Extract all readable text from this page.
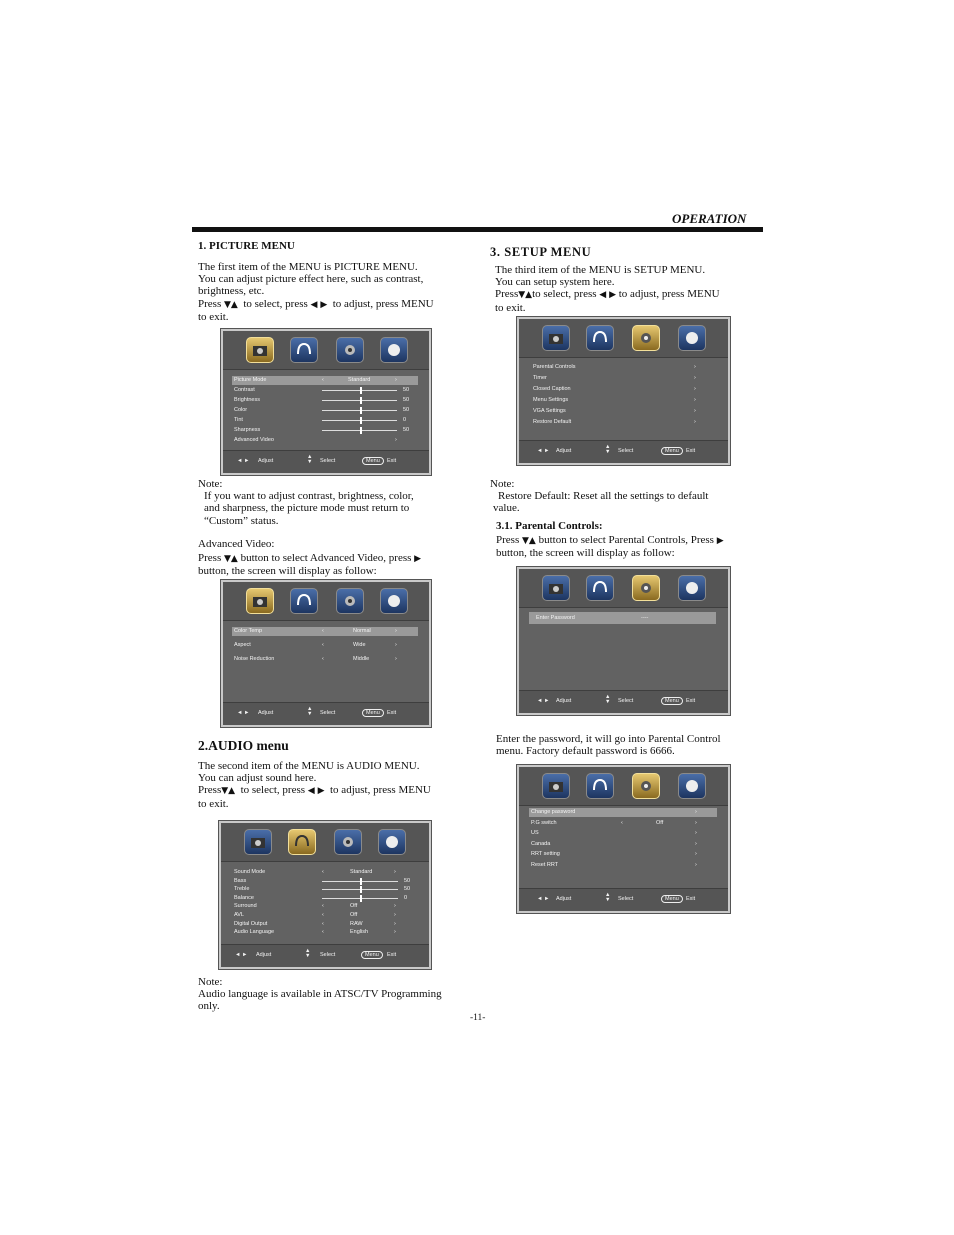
OPERATION
1. PICTURE MENU

The first item of the MENU is PICTURE MENU.

You can adjust picture effect here, such as contrast,

brightness, etc.

Press ▼▲ to select, press ◀ ▶ to adjust, press MENU

to exit.

Picture Mode	‹	Standard	›
Contrast	50
Brightness	50
Color	50
Tint	0
Sharpness	50
Advanced Video	›
◄ ► Adjust
▲
▼ Select	Menu	Exit

Note:

If you want to adjust contrast, brightness, color,

and sharpness, the picture mode must return to

“Custom” status.

Advanced Video:

Press ▼▲ button to select Advanced Video, press ▶

button, the screen will display as follow:

Color Temp	‹	Normal	›
Aspect	‹	Wide	›
Noise Reduction	‹	Middle	›
◄ ► Adjust
▲
▼ Select	Menu	Exit
2.AUDIO menu

The second item of the MENU is AUDIO MENU.

You can adjust sound here.

Press▼▲ to select, press ◀ ▶ to adjust, press MENU

to exit.

Sound Mode	‹	Standard	›
Bass	50
Treble	50
Balance	0
Surround	‹	Off	›
AVL	‹	Off	›
Digital Output	‹	RAW	›
Audio Language	‹	English	›
◄ ► Adjust
▲
▼ Select	Menu	Exit

Note:

Audio language is available in ATSC/TV Programming

only.

3. SETUP MENU

The third item of the MENU is SETUP MENU.

You can setup system here.

Press▼▲to select, press ◀ ▶ to adjust, press MENU

to exit.

Parental Controls	›
Timer	›
Closed Caption	›
Menu Settings	›
VGA Settings	›
Restore Default	›
◄ ► Adjust
▲
▼ Select	Menu	Exit

Note:

Restore Default: Reset all the settings to default

value.

3.1. Parental Controls:

Press ▼▲ button to select Parental Controls, Press ▶

button, the screen will display as follow:

Enter Password	----
◄ ► Adjust
▲
▼ Select	Menu	Exit

Enter the password, it will go into Parental Control

menu. Factory default password is 6666.

Change password	›
P.G switch	‹	Off	›
US	›
Canada	›
RRT setting	›
Reset RRT	›
◄ ► Adjust
▲
▼ Select	Menu	Exit
-11-
